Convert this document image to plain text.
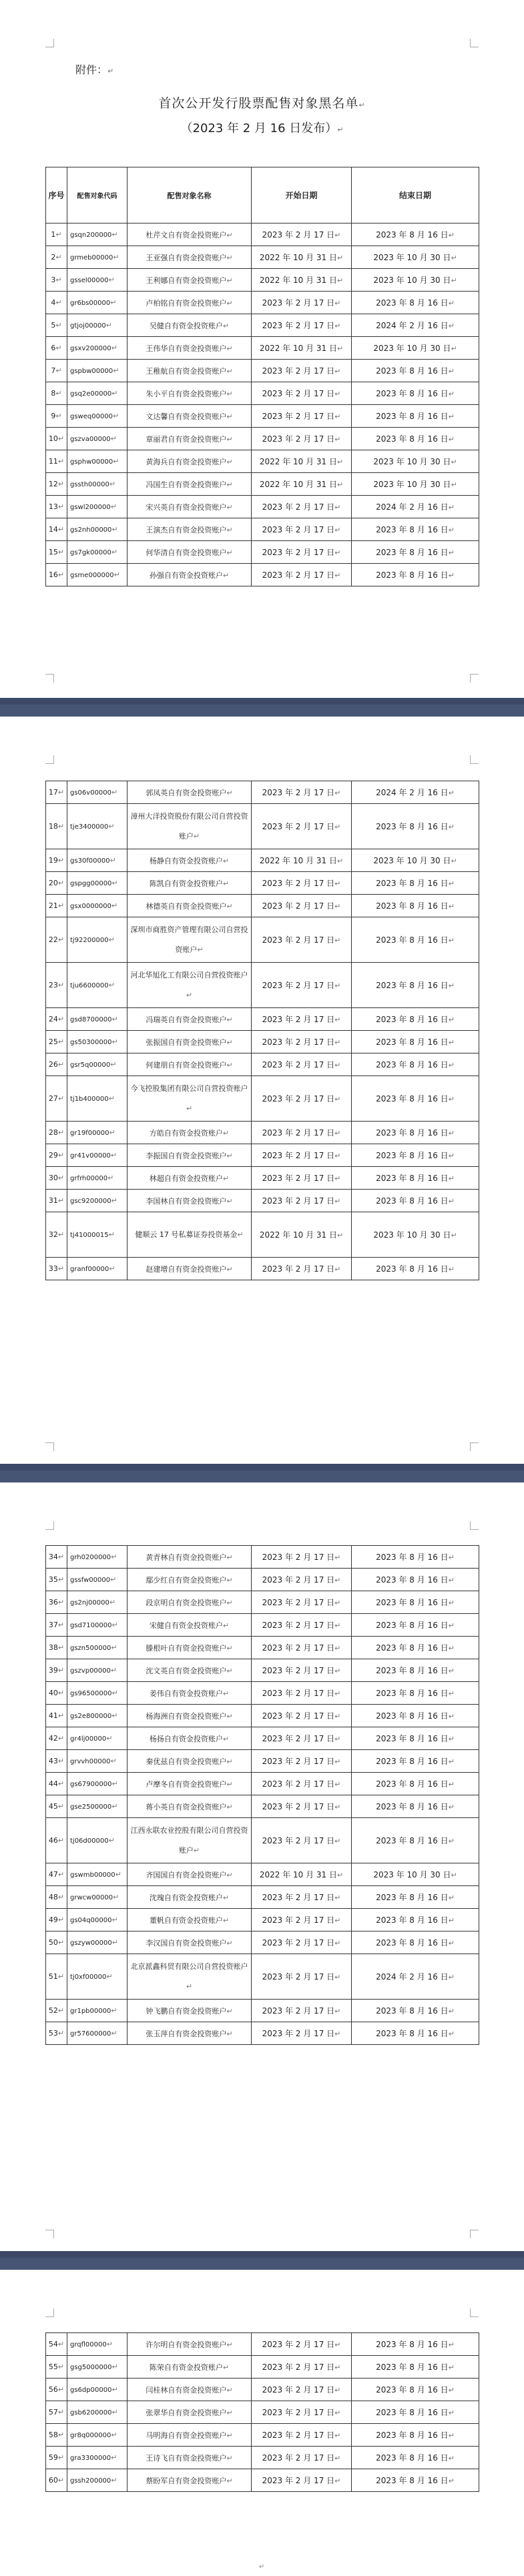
附件：↵
首次公开发行股票配售对象黑名单↵
（2023 年 2 月 16 日发布）↵
序号	配售对象代码	配售对象名称	开始日期	结束日期
1↵	gsqn200000↵	杜芹文自有资金投资账户↵	2023 年 2 月 17 日↵	2023 年 8 月 16 日↵
2↵	grmeb00000↵	王亚强自有资金投资账户↵	2022 年 10 月 31 日↵	2023 年 10 月 30 日↵
3↵	gssel00000↵	王利娜自有资金投资账户↵	2022 年 10 月 31 日↵	2023 年 10 月 30 日↵
4↵	gr6bs00000↵	卢柏铭自有资金投资账户↵	2023 年 2 月 17 日↵	2023 年 8 月 16 日↵
5↵	gtjoj00000↵	吴健自有资金投资账户↵	2023 年 2 月 17 日↵	2024 年 2 月 16 日↵
6↵	gsxv200000↵	王伟华自有资金投资账户↵	2022 年 10 月 31 日↵	2023 年 10 月 30 日↵
7↵	gspbw00000↵	王稚航自有资金投资账户↵	2023 年 2 月 17 日↵	2023 年 8 月 16 日↵
8↵	gsq2e00000↵	朱小平自有资金投资账户↵	2023 年 2 月 17 日↵	2023 年 8 月 16 日↵
9↵	gsweq00000↵	文达馨自有资金投资账户↵	2023 年 2 月 17 日↵	2023 年 8 月 16 日↵
10↵	gszva00000↵	章丽君自有资金投资账户↵	2023 年 2 月 17 日↵	2023 年 8 月 16 日↵
11↵	gsphw00000↵	黄海兵自有资金投资账户↵	2022 年 10 月 31 日↵	2023 年 10 月 30 日↵
12↵	gssth00000↵	冯国生自有资金投资账户↵	2022 年 10 月 31 日↵	2023 年 10 月 30 日↵
13↵	gswl200000↵	宋兴英自有资金投资账户↵	2023 年 2 月 17 日↵	2024 年 2 月 16 日↵
14↵	gs2nh00000↵	王演杰自有资金投资账户↵	2023 年 2 月 17 日↵	2023 年 8 月 16 日↵
15↵	gs7gk00000↵	何华清自有资金投资账户↵	2023 年 2 月 17 日↵	2023 年 8 月 16 日↵
16↵	gsme000000↵	孙强自有资金投资账户↵	2023 年 2 月 17 日↵	2023 年 8 月 16 日↵
17↵	gs06v00000↵	郭凤英自有资金投资账户↵	2023 年 2 月 17 日↵	2024 年 2 月 16 日↵
18↵	tje3400000↵	漳州大洋投资股份有限公司自营投资账户↵	2023 年 2 月 17 日↵	2023 年 8 月 16 日↵
19↵	gs30f00000↵	杨静自有资金投资账户↵	2022 年 10 月 31 日↵	2023 年 10 月 30 日↵
20↵	gspgg00000↵	陈凯自有资金投资账户↵	2023 年 2 月 17 日↵	2023 年 8 月 16 日↵
21↵	gsx0000000↵	林德英自有资金投资账户↵	2023 年 2 月 17 日↵	2023 年 8 月 16 日↵
22↵	tj92200000↵	深圳市商胜资产管理有限公司自营投资账户↵	2023 年 2 月 17 日↵	2023 年 8 月 16 日↵
23↵	tju6600000↵	河北华旭化工有限公司自营投资账户↵	2023 年 2 月 17 日↵	2023 年 8 月 16 日↵
24↵	gsd8700000↵	冯瑞英自有资金投资账户↵	2023 年 2 月 17 日↵	2023 年 8 月 16 日↵
25↵	gs50300000↵	张振国自有资金投资账户↵	2023 年 2 月 17 日↵	2023 年 8 月 16 日↵
26↵	gsr5q00000↵	何建朋自有资金投资账户↵	2023 年 2 月 17 日↵	2023 年 8 月 16 日↵
27↵	tj1b400000↵	今飞控股集团有限公司自营投资账户↵	2023 年 2 月 17 日↵	2023 年 8 月 16 日↵
28↵	gr19f00000↵	方皓自有资金投资账户↵	2023 年 2 月 17 日↵	2023 年 8 月 16 日↵
29↵	gr41v00000↵	李振国自有资金投资账户↵	2023 年 2 月 17 日↵	2023 年 8 月 16 日↵
30↵	grfrh00000↵	林超自有资金投资账户↵	2023 年 2 月 17 日↵	2023 年 8 月 16 日↵
31↵	gsc9200000↵	李国林自有资金投资账户↵	2023 年 2 月 17 日↵	2023 年 8 月 16 日↵
32↵	tj41000015↵	健顺云 17 号私募证券投资基金↵	2022 年 10 月 31 日↵	2023 年 10 月 30 日↵
33↵	granf00000↵	赵建增自有资金投资账户↵	2023 年 2 月 17 日↵	2023 年 8 月 16 日↵
34↵	grh0200000↵	黄青林自有资金投资账户↵	2023 年 2 月 17 日↵	2023 年 8 月 16 日↵
35↵	gssfw00000↵	鄢少红自有资金投资账户↵	2023 年 2 月 17 日↵	2023 年 8 月 16 日↵
36↵	gs2nj00000↵	段京明自有资金投资账户↵	2023 年 2 月 17 日↵	2023 年 8 月 16 日↵
37↵	gsd7100000↵	宋健自有资金投资账户↵	2023 年 2 月 17 日↵	2023 年 8 月 16 日↵
38↵	gszn500000↵	滕根叶自有资金投资账户↵	2023 年 2 月 17 日↵	2023 年 8 月 16 日↵
39↵	gszvp00000↵	沈文英自有资金投资账户↵	2023 年 2 月 17 日↵	2023 年 8 月 16 日↵
40↵	gs96500000↵	姜伟自有资金投资账户↵	2023 年 2 月 17 日↵	2023 年 8 月 16 日↵
41↵	gs2e800000↵	杨海洲自有资金投资账户↵	2023 年 2 月 17 日↵	2023 年 8 月 16 日↵
42↵	gr4lj00000↵	杨扬自有资金投资账户↵	2023 年 2 月 17 日↵	2023 年 8 月 16 日↵
43↵	grvvh00000↵	秦优兹自有资金投资账户↵	2023 年 2 月 17 日↵	2023 年 8 月 16 日↵
44↵	gs67900000↵	卢摩冬自有资金投资账户↵	2023 年 2 月 17 日↵	2023 年 8 月 16 日↵
45↵	gse2500000↵	蒋小英自有资金投资账户↵	2023 年 2 月 17 日↵	2023 年 8 月 16 日↵
46↵	tj06d00000↵	江西永联农业控股有限公司自营投资账户↵	2023 年 2 月 17 日↵	2023 年 8 月 16 日↵
47↵	gswmb00000↵	齐国国自有资金投资账户↵	2022 年 10 月 31 日↵	2023 年 10 月 30 日↵
48↵	grwcw00000↵	沈瑰自有资金投资账户↵	2023 年 2 月 17 日↵	2023 年 8 月 16 日↵
49↵	gs04q00000↵	董帆自有资金投资账户↵	2023 年 2 月 17 日↵	2023 年 8 月 16 日↵
50↵	gszyw00000↵	李汉国自有资金投资账户↵	2023 年 2 月 17 日↵	2023 年 8 月 16 日↵
51↵	tj0xf00000↵	北京派鑫科贸有限公司自营投资账户↵	2023 年 2 月 17 日↵	2024 年 2 月 16 日↵
52↵	gr1pb00000↵	钟飞鹏自有资金投资账户↵	2023 年 2 月 17 日↵	2023 年 8 月 16 日↵
53↵	gr57600000↵	张玉萍自有资金投资账户↵	2023 年 2 月 17 日↵	2023 年 8 月 16 日↵
54↵	grqfl00000↵	许尔明自有资金投资账户↵	2023 年 2 月 17 日↵	2023 年 8 月 16 日↵
55↵	gsg5000000↵	陈荣自有资金投资账户↵	2023 年 2 月 17 日↵	2023 年 8 月 16 日↵
56↵	gs6dp00000↵	闫桂林自有资金投资账户↵	2023 年 2 月 17 日↵	2023 年 8 月 16 日↵
57↵	gsb6200000↵	张翠华自有资金投资账户↵	2023 年 2 月 17 日↵	2023 年 8 月 16 日↵
58↵	gr8q000000↵	马明海自有资金投资账户↵	2023 年 2 月 17 日↵	2023 年 8 月 16 日↵
59↵	gra3300000↵	王诗飞自有资金投资账户↵	2023 年 2 月 17 日↵	2023 年 8 月 16 日↵
60↵	gssh200000↵	蔡盼军自有资金投资账户↵	2023 年 2 月 17 日↵	2023 年 8 月 16 日↵
↵
